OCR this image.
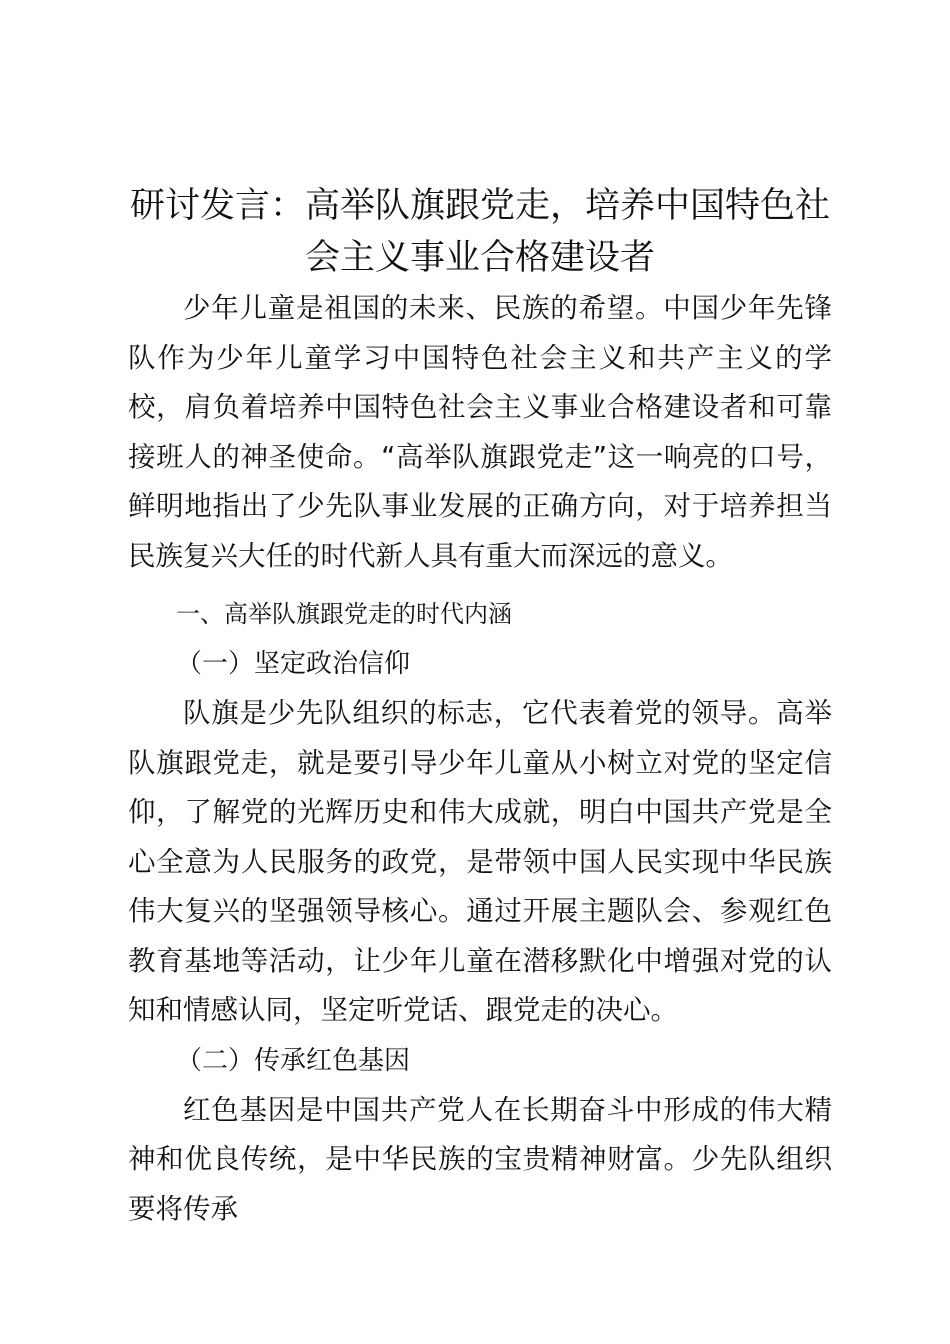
研讨发言：高举队旗跟党走，培养中国特色社
会主义事业合格建设者

少年儿童是祖国的未来、民族的希望。中国少年先锋队作为少年儿童学习中国特色社会主义和共产主义的学校，肩负着培养中国特色社会主义事业合格建设者和可靠接班人的神圣使命。“高举队旗跟党走”这一响亮的口号，鲜明地指出了少先队事业发展的正确方向，对于培养担当民族复兴大任的时代新人具有重大而深远的意义。

一、高举队旗跟党走的时代内涵

（一）坚定政治信仰

队旗是少先队组织的标志，它代表着党的领导。高举队旗跟党走，就是要引导少年儿童从小树立对党的坚定信仰，了解党的光辉历史和伟大成就，明白中国共产党是全心全意为人民服务的政党，是带领中国人民实现中华民族伟大复兴的坚强领导核心。通过开展主题队会、参观红色教育基地等活动，让少年儿童在潜移默化中增强对党的认知和情感认同，坚定听党话、跟党走的决心。

（二）传承红色基因

红色基因是中国共产党人在长期奋斗中形成的伟大精神和优良传统，是中华民族的宝贵精神财富。少先队组织要将传承
